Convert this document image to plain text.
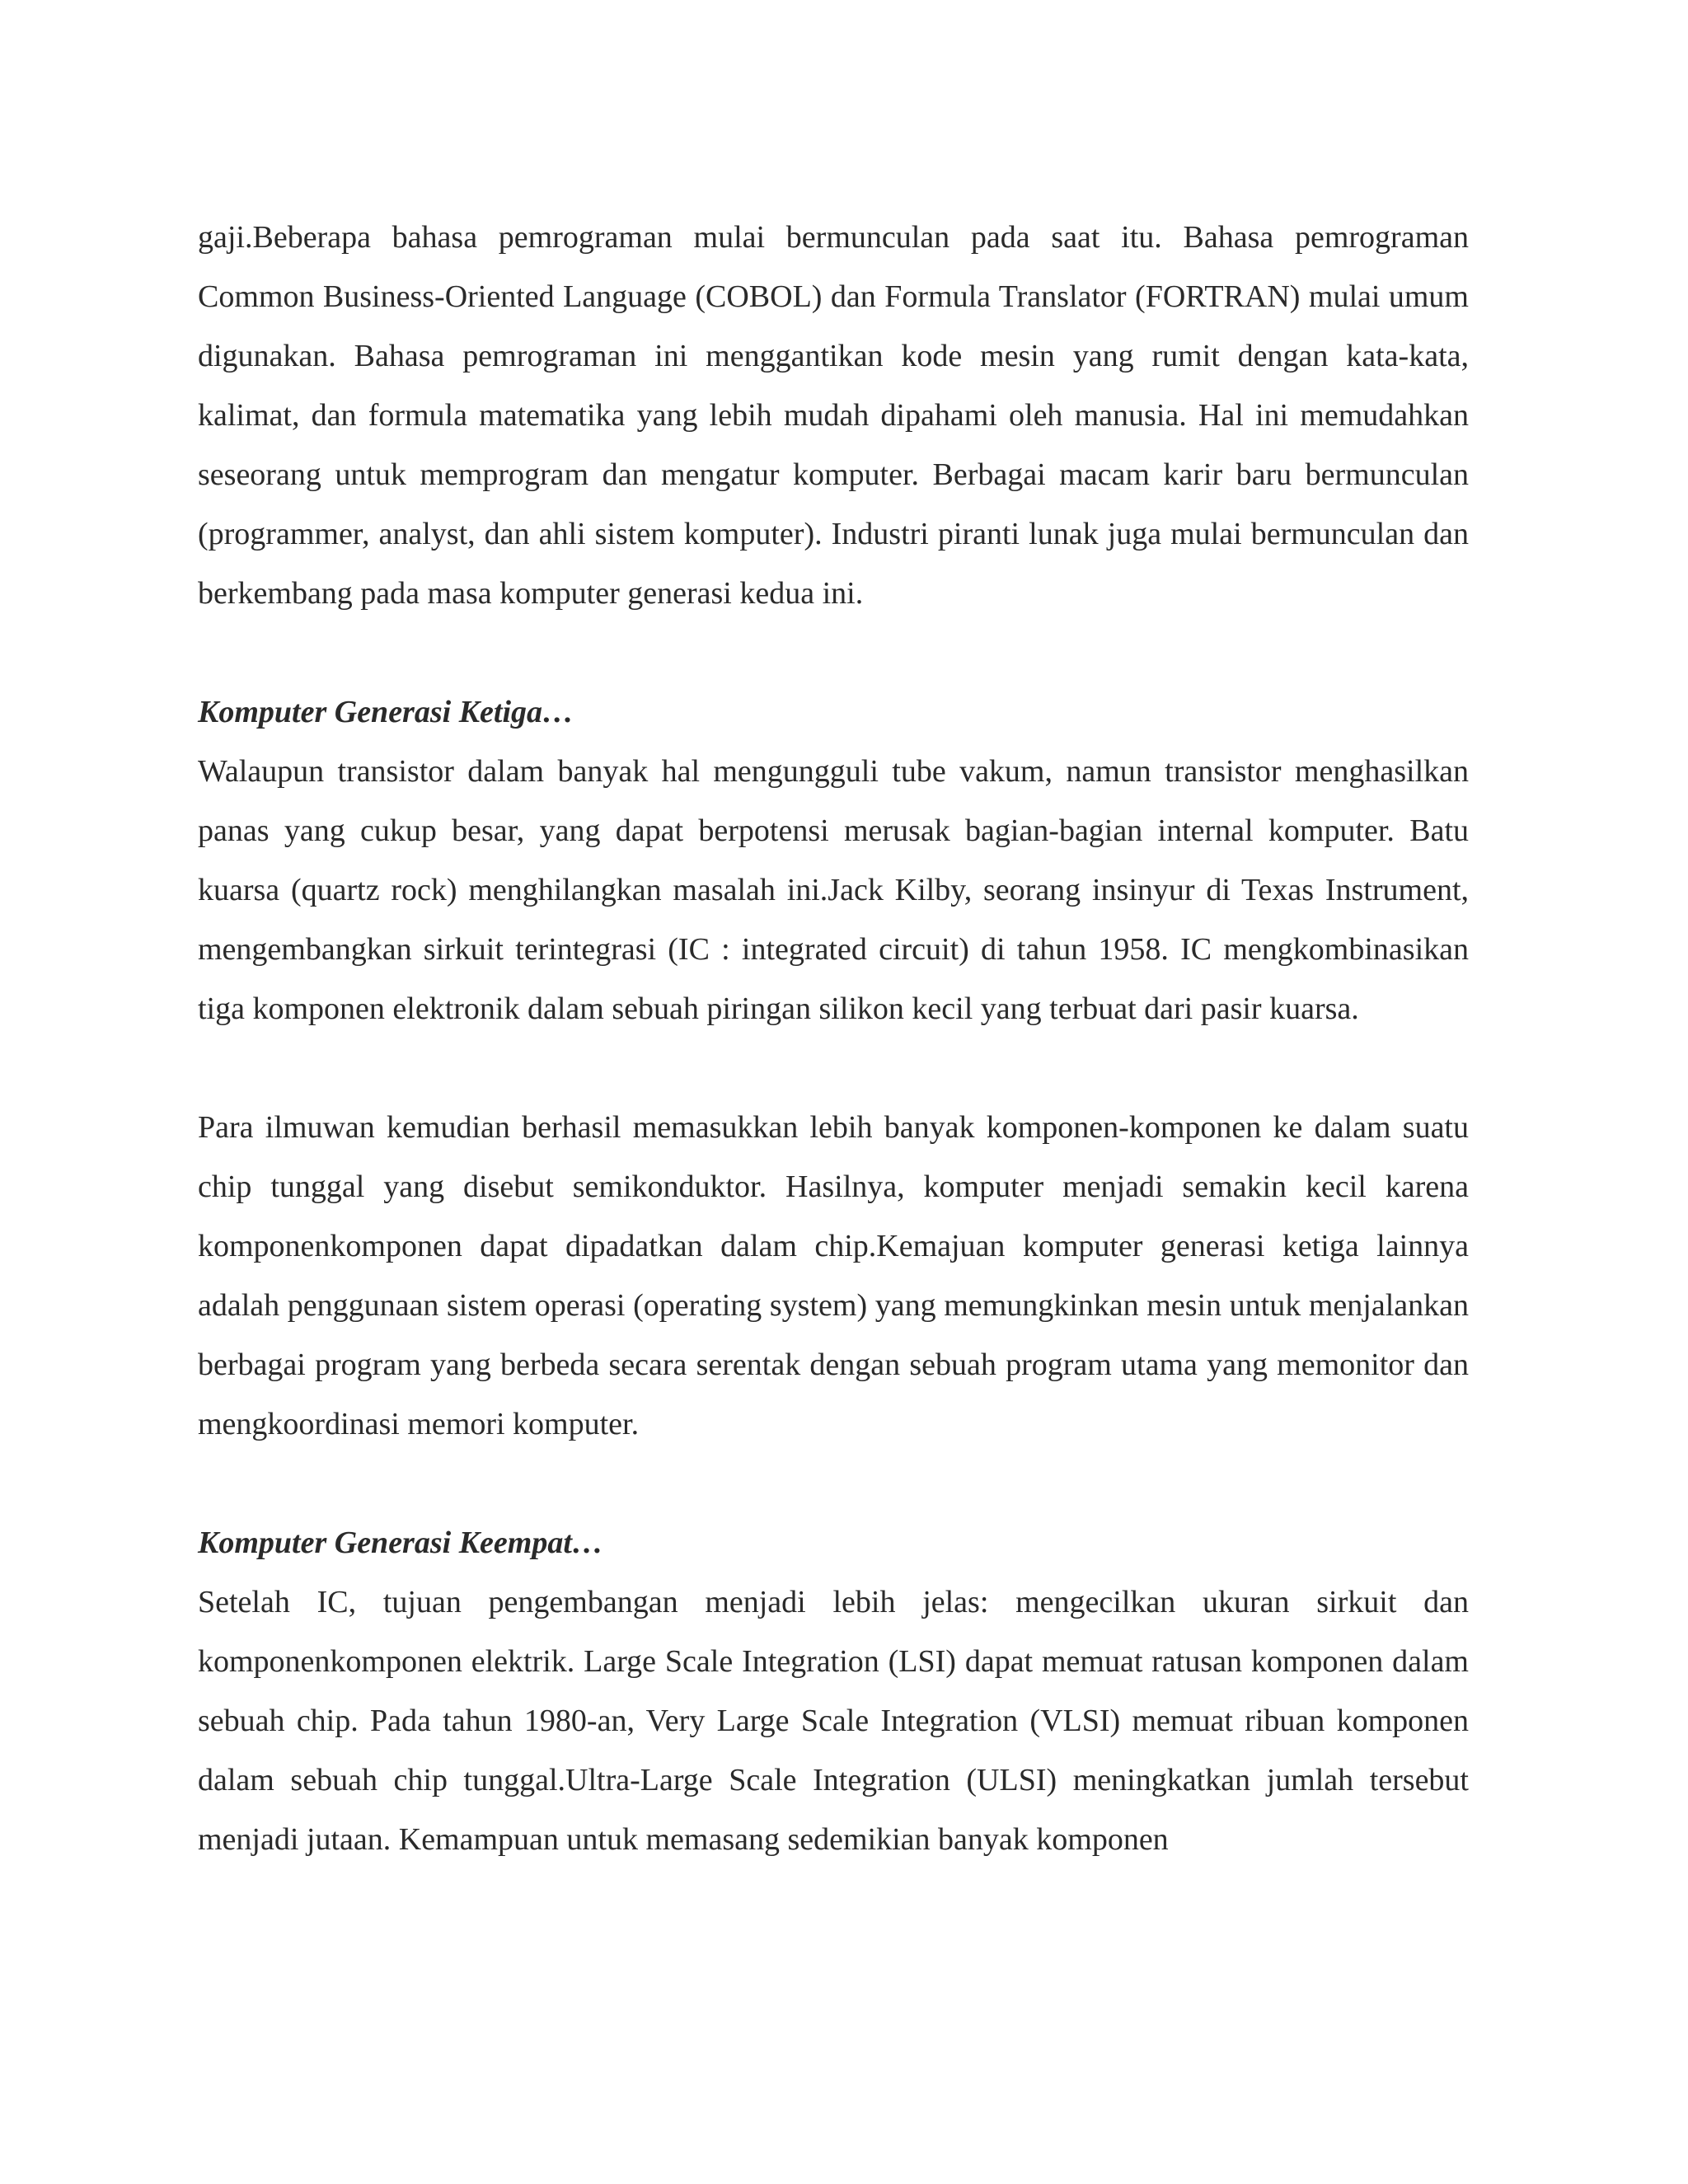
gaji.Beberapa bahasa pemrograman mulai bermunculan pada saat itu. Bahasa pemrograman Common Business-Oriented Language (COBOL) dan Formula Translator (FORTRAN) mulai umum digunakan. Bahasa pemrograman ini menggantikan kode mesin yang rumit dengan kata-kata, kalimat, dan formula matematika yang lebih mudah dipahami oleh manusia. Hal ini memudahkan seseorang untuk memprogram dan mengatur komputer. Berbagai macam karir baru bermunculan (programmer, analyst, dan ahli sistem komputer). Industri piranti lunak juga mulai bermunculan dan berkembang pada masa komputer generasi kedua ini.

Komputer Generasi Ketiga…

Walaupun transistor dalam banyak hal mengungguli tube vakum, namun transistor menghasilkan panas yang cukup besar, yang dapat berpotensi merusak bagian-bagian internal komputer. Batu kuarsa (quartz rock) menghilangkan masalah ini.Jack Kilby, seorang insinyur di Texas Instrument, mengembangkan sirkuit terintegrasi (IC : integrated circuit) di tahun 1958. IC mengkombinasikan tiga komponen elektronik dalam sebuah piringan silikon kecil yang terbuat dari pasir kuarsa.

Para ilmuwan kemudian berhasil memasukkan lebih banyak komponen-komponen ke dalam suatu chip tunggal yang disebut semikonduktor. Hasilnya, komputer menjadi semakin kecil karena komponenkomponen dapat dipadatkan dalam chip.Kemajuan komputer generasi ketiga lainnya adalah penggunaan sistem operasi (operating system) yang memungkinkan mesin untuk menjalankan berbagai program yang berbeda secara serentak dengan sebuah program utama yang memonitor dan mengkoordinasi memori komputer.

Komputer Generasi Keempat…

Setelah IC, tujuan pengembangan menjadi lebih jelas: mengecilkan ukuran sirkuit dan komponenkomponen elektrik. Large Scale Integration (LSI) dapat memuat ratusan komponen dalam sebuah chip. Pada tahun 1980-an, Very Large Scale Integration (VLSI) memuat ribuan komponen dalam sebuah chip tunggal.Ultra-Large Scale Integration (ULSI) meningkatkan jumlah tersebut menjadi jutaan. Kemampuan untuk memasang sedemikian banyak komponen
